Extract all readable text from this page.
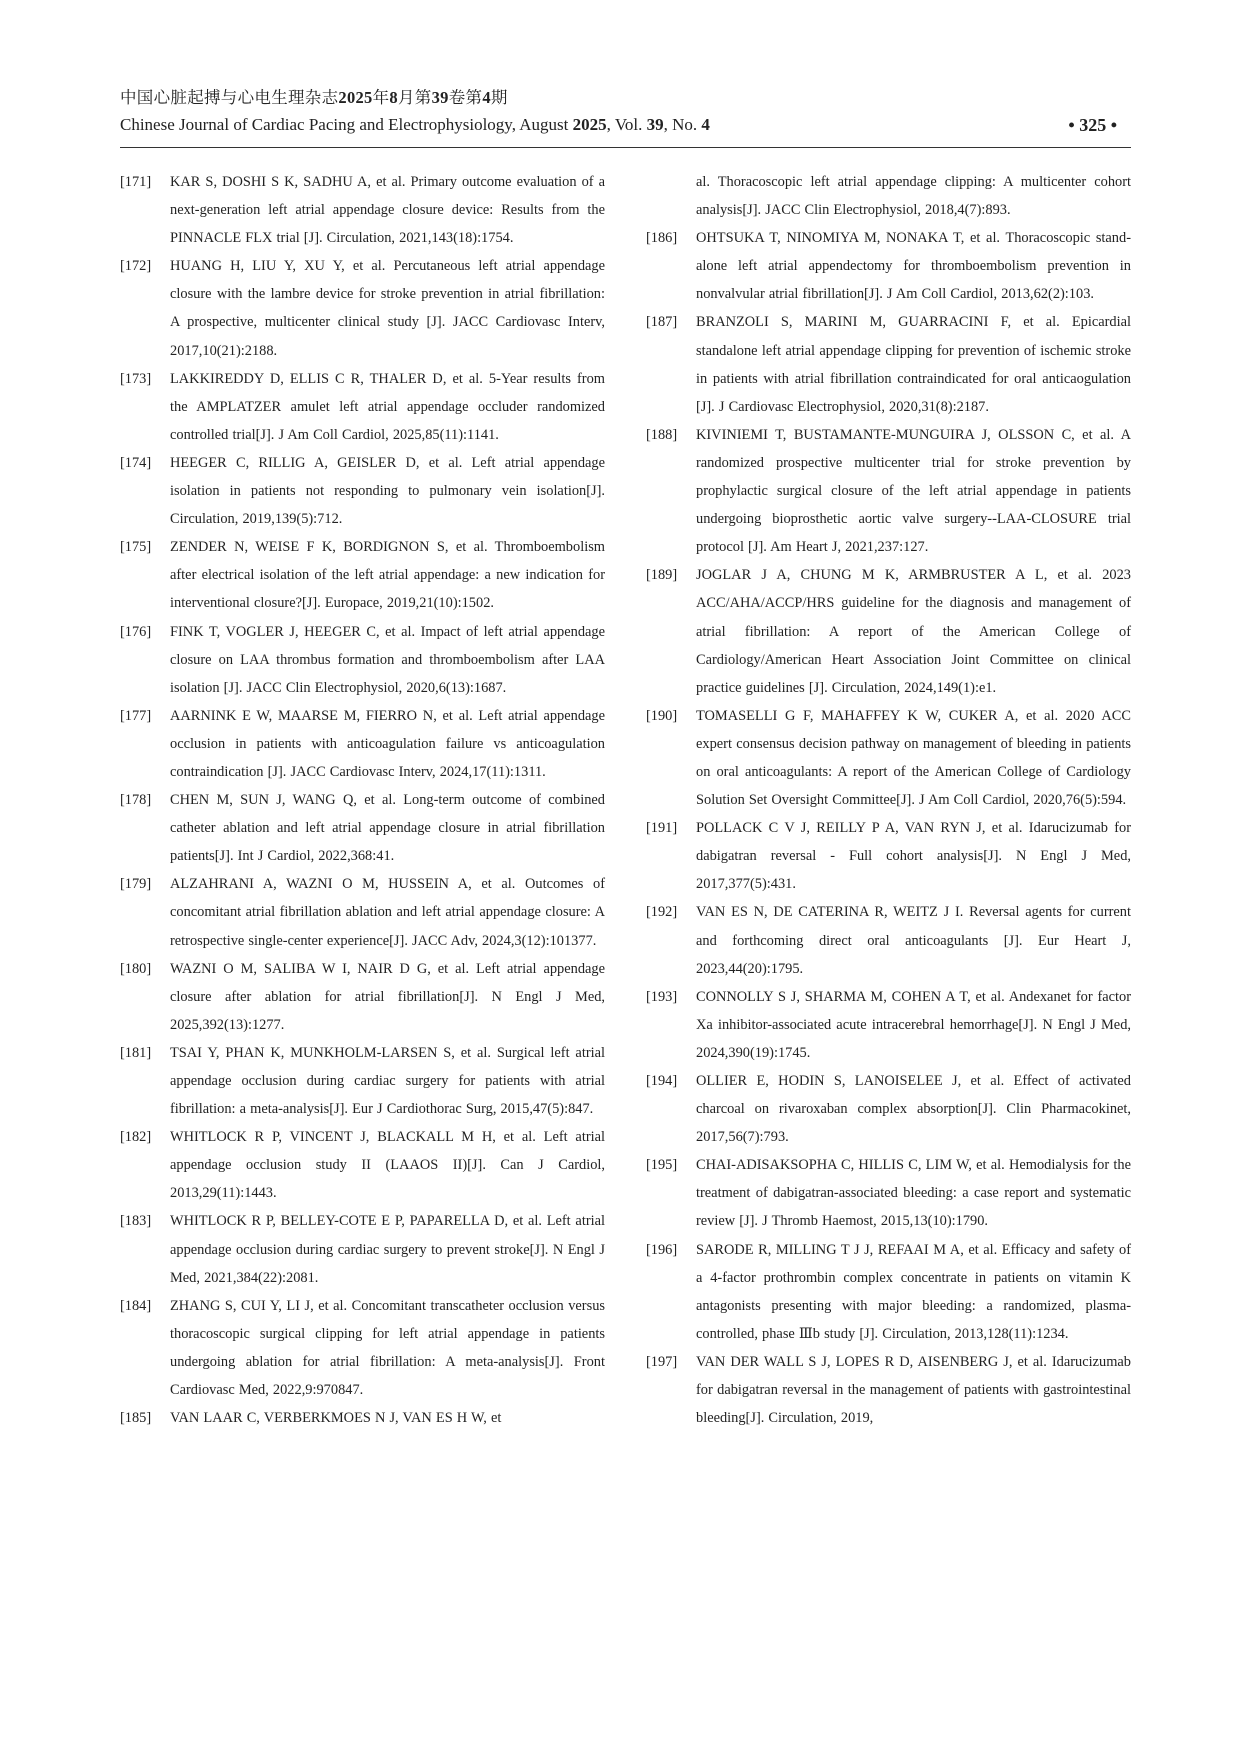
中国心脏起搏与心电生理杂志2025年8月第39卷第4期
Chinese Journal of Cardiac Pacing and Electrophysiology, August 2025, Vol. 39, No. 4	• 325 •
[171] KAR S, DOSHI S K, SADHU A, et al. Primary outcome evaluation of a next-generation left atrial appendage closure device: Results from the PINNACLE FLX trial [J]. Circulation, 2021,143(18):1754.
[172] HUANG H, LIU Y, XU Y, et al. Percutaneous left atrial appendage closure with the lambre device for stroke prevention in atrial fibrillation: A prospective, multicenter clinical study [J]. JACC Cardiovasc Interv, 2017,10(21):2188.
[173] LAKKIREDDY D, ELLIS C R, THALER D, et al. 5-Year results from the AMPLATZER amulet left atrial appendage occluder randomized controlled trial[J]. J Am Coll Cardiol, 2025,85(11):1141.
[174] HEEGER C, RILLIG A, GEISLER D, et al. Left atrial appendage isolation in patients not responding to pulmonary vein isolation[J]. Circulation, 2019,139(5):712.
[175] ZENDER N, WEISE F K, BORDIGNON S, et al. Thromboembolism after electrical isolation of the left atrial appendage: a new indication for interventional closure?[J]. Europace, 2019,21(10):1502.
[176] FINK T, VOGLER J, HEEGER C, et al. Impact of left atrial appendage closure on LAA thrombus formation and thromboembolism after LAA isolation [J]. JACC Clin Electrophysiol, 2020,6(13):1687.
[177] AARNINK E W, MAARSE M, FIERRO N, et al. Left atrial appendage occlusion in patients with anticoagulation failure vs anticoagulation contraindication [J]. JACC Cardiovasc Interv, 2024,17(11):1311.
[178] CHEN M, SUN J, WANG Q, et al. Long-term outcome of combined catheter ablation and left atrial appendage closure in atrial fibrillation patients[J]. Int J Cardiol, 2022,368:41.
[179] ALZAHRANI A, WAZNI O M, HUSSEIN A, et al. Outcomes of concomitant atrial fibrillation ablation and left atrial appendage closure: A retrospective single-center experience[J]. JACC Adv, 2024,3(12):101377.
[180] WAZNI O M, SALIBA W I, NAIR D G, et al. Left atrial appendage closure after ablation for atrial fibrillation[J]. N Engl J Med, 2025,392(13):1277.
[181] TSAI Y, PHAN K, MUNKHOLM-LARSEN S, et al. Surgical left atrial appendage occlusion during cardiac surgery for patients with atrial fibrillation: a meta-analysis[J]. Eur J Cardiothorac Surg, 2015,47(5):847.
[182] WHITLOCK R P, VINCENT J, BLACKALL M H, et al. Left atrial appendage occlusion study II (LAAOS II)[J]. Can J Cardiol, 2013,29(11):1443.
[183] WHITLOCK R P, BELLEY-COTE E P, PAPARELLA D, et al. Left atrial appendage occlusion during cardiac surgery to prevent stroke[J]. N Engl J Med, 2021,384(22):2081.
[184] ZHANG S, CUI Y, LI J, et al. Concomitant transcatheter occlusion versus thoracoscopic surgical clipping for left atrial appendage in patients undergoing ablation for atrial fibrillation: A meta-analysis[J]. Front Cardiovasc Med, 2022,9:970847.
[185] VAN LAAR C, VERBERKMOES N J, VAN ES H W, et
al. Thoracoscopic left atrial appendage clipping: A multicenter cohort analysis[J]. JACC Clin Electrophysiol, 2018,4(7):893.
[186] OHTSUKA T, NINOMIYA M, NONAKA T, et al. Thoracoscopic stand-alone left atrial appendectomy for thromboembolism prevention in nonvalvular atrial fibrillation[J]. J Am Coll Cardiol, 2013,62(2):103.
[187] BRANZOLI S, MARINI M, GUARRACINI F, et al. Epicardial standalone left atrial appendage clipping for prevention of ischemic stroke in patients with atrial fibrillation contraindicated for oral anticaogulation [J]. J Cardiovasc Electrophysiol, 2020,31(8):2187.
[188] KIVINIEMI T, BUSTAMANTE-MUNGUIRA J, OLSSON C, et al. A randomized prospective multicenter trial for stroke prevention by prophylactic surgical closure of the left atrial appendage in patients undergoing bioprosthetic aortic valve surgery--LAA-CLOSURE trial protocol [J]. Am Heart J, 2021,237:127.
[189] JOGLAR J A, CHUNG M K, ARMBRUSTER A L, et al. 2023 ACC/AHA/ACCP/HRS guideline for the diagnosis and management of atrial fibrillation: A report of the American College of Cardiology/American Heart Association Joint Committee on clinical practice guidelines [J]. Circulation, 2024,149(1):e1.
[190] TOMASELLI G F, MAHAFFEY K W, CUKER A, et al. 2020 ACC expert consensus decision pathway on management of bleeding in patients on oral anticoagulants: A report of the American College of Cardiology Solution Set Oversight Committee[J]. J Am Coll Cardiol, 2020,76(5):594.
[191] POLLACK C V J, REILLY P A, VAN RYN J, et al. Idarucizumab for dabigatran reversal - Full cohort analysis[J]. N Engl J Med, 2017,377(5):431.
[192] VAN ES N, DE CATERINA R, WEITZ J I. Reversal agents for current and forthcoming direct oral anticoagulants [J]. Eur Heart J, 2023,44(20):1795.
[193] CONNOLLY S J, SHARMA M, COHEN A T, et al. Andexanet for factor Xa inhibitor-associated acute intracerebral hemorrhage[J]. N Engl J Med, 2024,390(19):1745.
[194] OLLIER E, HODIN S, LANOISELEE J, et al. Effect of activated charcoal on rivaroxaban complex absorption[J]. Clin Pharmacokinet, 2017,56(7):793.
[195] CHAI-ADISAKSOPHA C, HILLIS C, LIM W, et al. Hemodialysis for the treatment of dabigatran-associated bleeding: a case report and systematic review [J]. J Thromb Haemost, 2015,13(10):1790.
[196] SARODE R, MILLING T J J, REFAAI M A, et al. Efficacy and safety of a 4-factor prothrombin complex concentrate in patients on vitamin K antagonists presenting with major bleeding: a randomized, plasma-controlled, phase Ⅲb study [J]. Circulation, 2013,128(11):1234.
[197] VAN DER WALL S J, LOPES R D, AISENBERG J, et al. Idarucizumab for dabigatran reversal in the management of patients with gastrointestinal bleeding[J]. Circulation, 2019,
